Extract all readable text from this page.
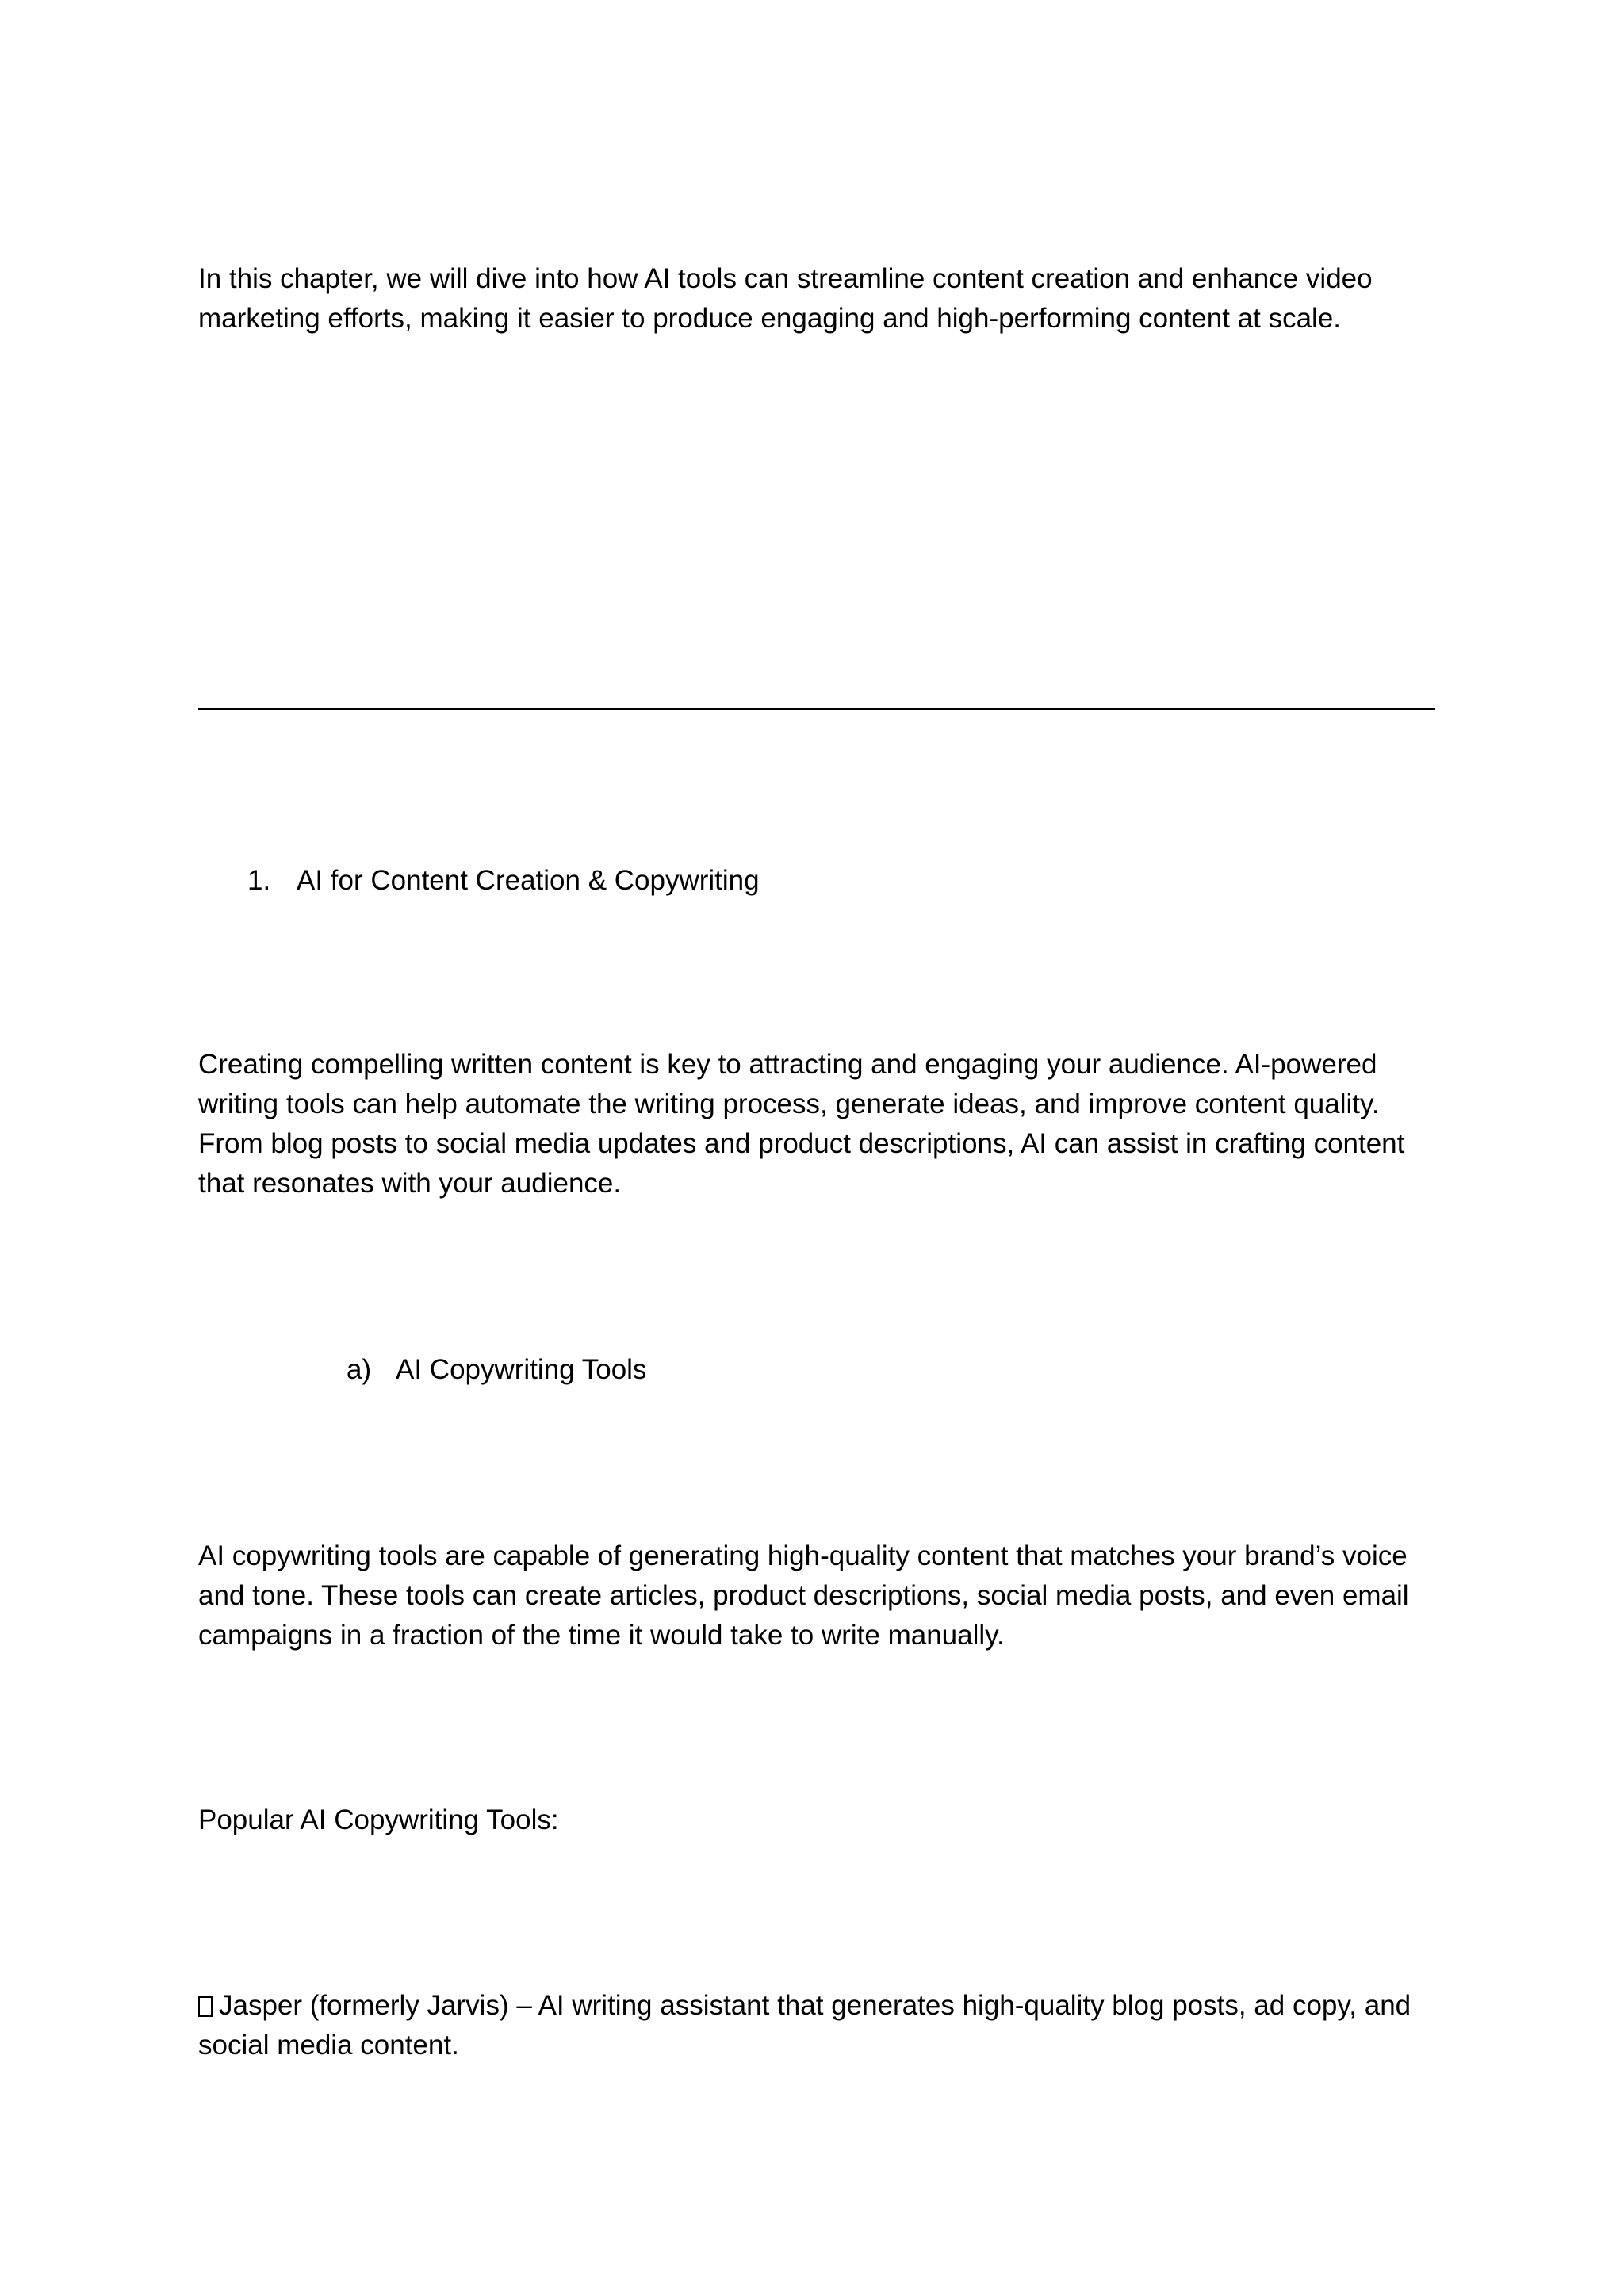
In this chapter, we will dive into how AI tools can streamline content creation and enhance video marketing efforts, making it easier to produce engaging and high-performing content at scale.

1. AI for Content Creation & Copywriting

Creating compelling written content is key to attracting and engaging your audience. AI-powered writing tools can help automate the writing process, generate ideas, and improve content quality. From blog posts to social media updates and product descriptions, AI can assist in crafting content that resonates with your audience.

a) AI Copywriting Tools

AI copywriting tools are capable of generating high-quality content that matches your brand’s voice and tone. These tools can create articles, product descriptions, social media posts, and even email campaigns in a fraction of the time it would take to write manually.

Popular AI Copywriting Tools:

Jasper (formerly Jarvis) – AI writing assistant that generates high-quality blog posts, ad copy, and social media content.
